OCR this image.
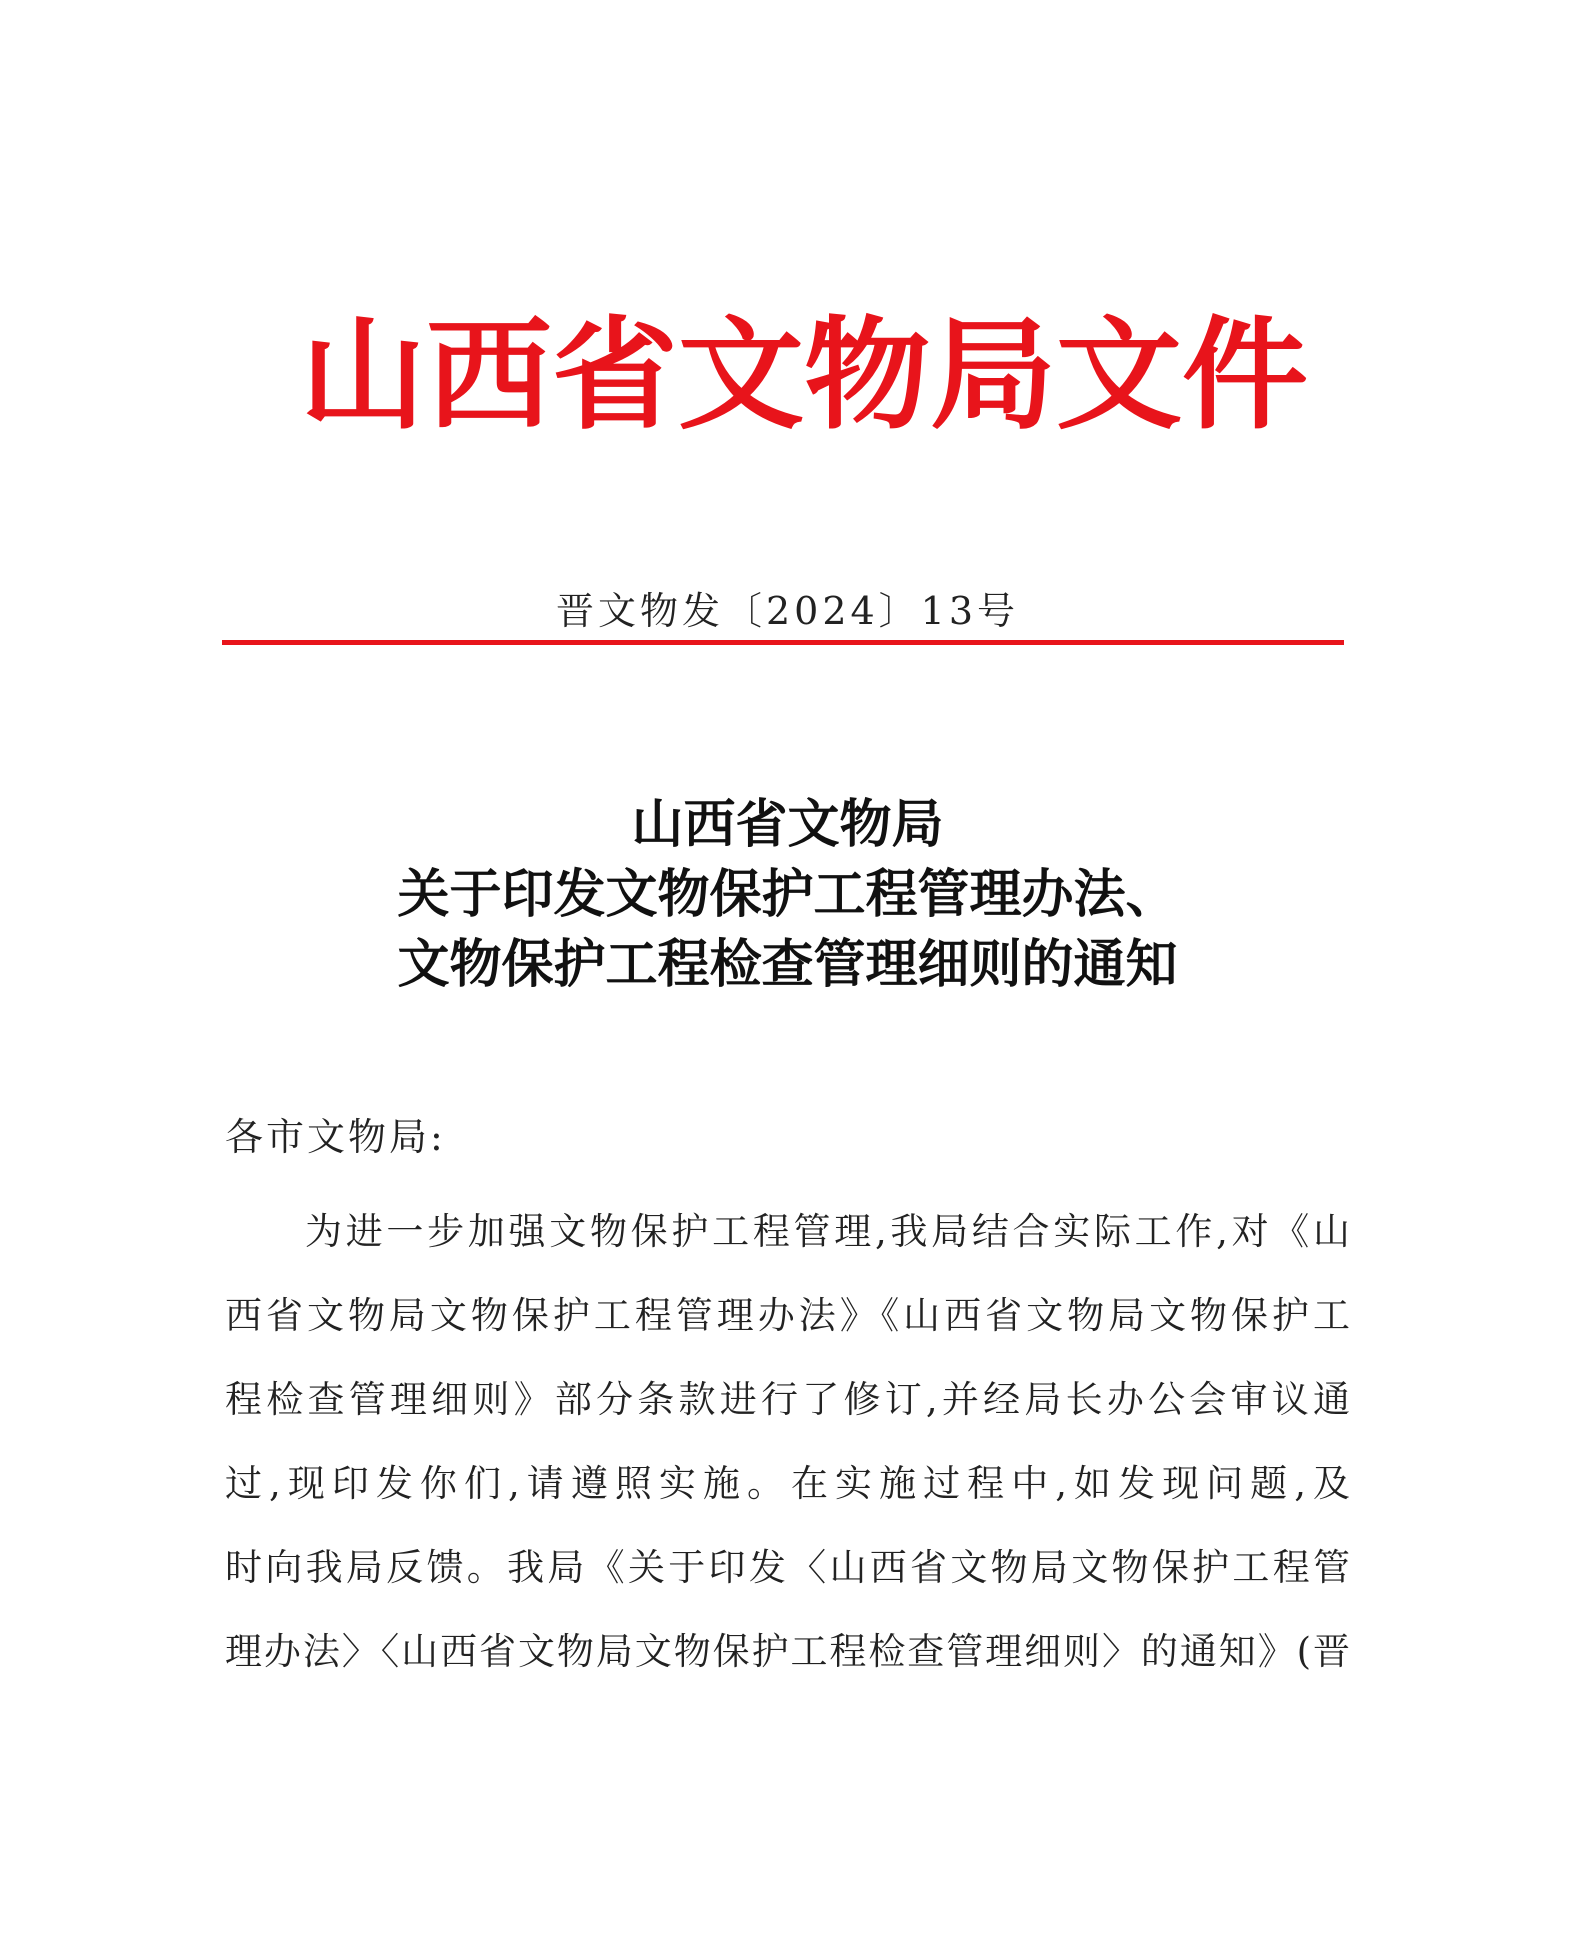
山 西 省 文 物 局 文 件
晋文物发〔2024〕13号
山西省文物局
关于印发文物保护工程管理办法、
文物保护工程检查管理细则的通知
各市文物局:
为进一步加强文物保护工程管理,我局结合实际工作,对《山
西省文物局文物保护工程管理办法》《山西省文物局文物保护工
程检查管理细则》部分条款进行了修订,并经局长办公会审议通
过,现印发你们,请遵照实施。在实施过程中,如发现问题,及
时向我局反馈。我局《关于印发〈山西省文物局文物保护工程管
理办法〉〈山西省文物局文物保护工程检查管理细则〉的通知》(晋
